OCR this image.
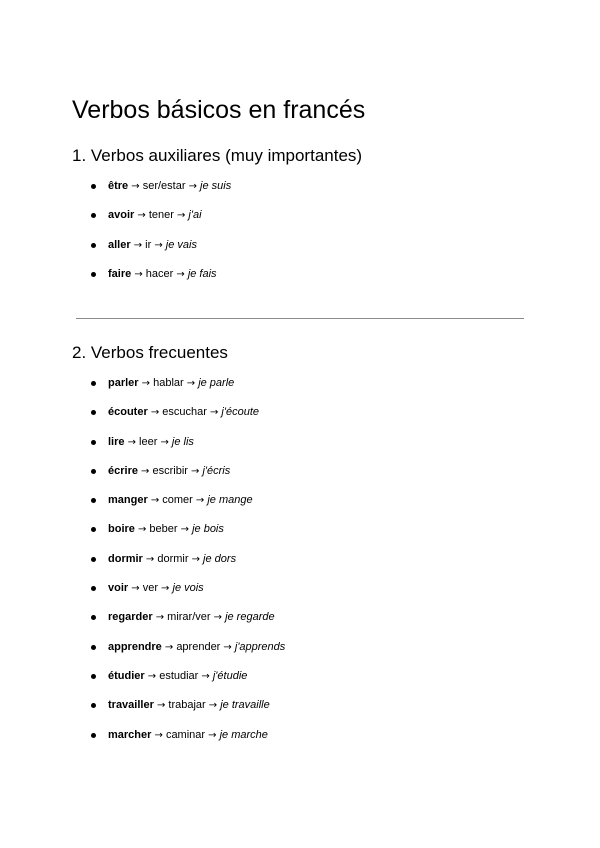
Verbos básicos en francés
1. Verbos auxiliares (muy importantes)
être → ser/estar → je suis
avoir → tener → j'ai
aller → ir → je vais
faire → hacer → je fais
2. Verbos frecuentes
parler → hablar → je parle
écouter → escuchar → j'écoute
lire → leer → je lis
écrire → escribir → j'écris
manger → comer → je mange
boire → beber → je bois
dormir → dormir → je dors
voir → ver → je vois
regarder → mirar/ver → je regarde
apprendre → aprender → j'apprends
étudier → estudiar → j'étudie
travailler → trabajar → je travaille
marcher → caminar → je marche
